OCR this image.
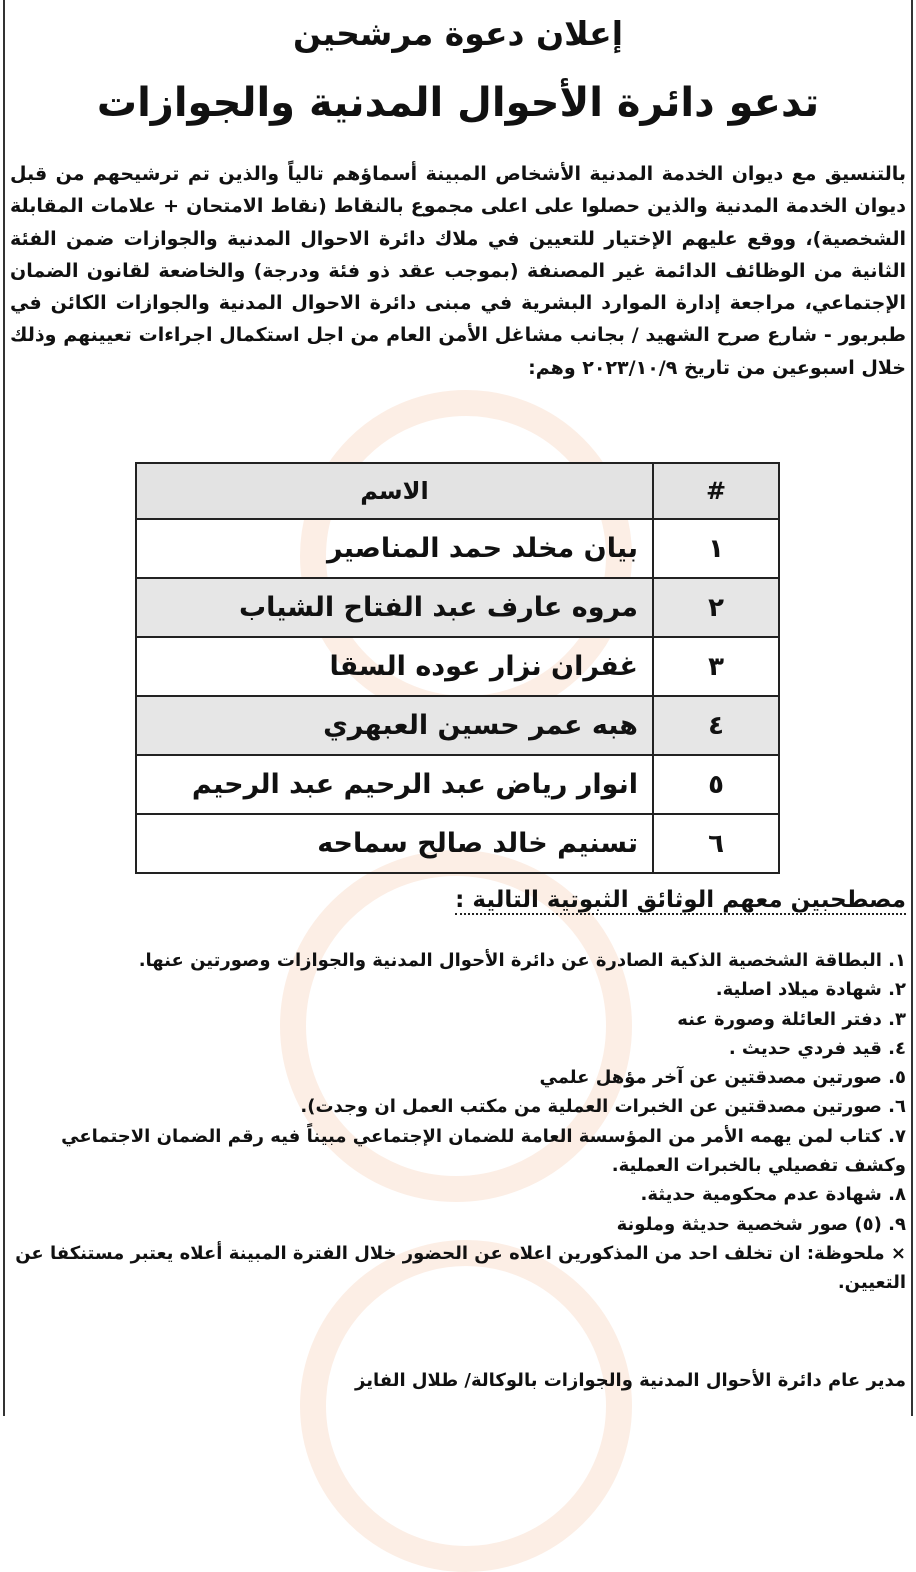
إعلان دعوة مرشحين
تدعو دائرة الأحوال المدنية والجوازات
بالتنسيق مع ديوان الخدمة المدنية الأشخاص المبينة أسماؤهم تالياً والذين تم ترشيحهم من قبل ديوان الخدمة المدنية والذين حصلوا على اعلى مجموع بالنقاط (نقاط الامتحان + علامات المقابلة الشخصية)، ووقع عليهم الإختيار للتعيين في ملاك دائرة الاحوال المدنية والجوازات ضمن الفئة الثانية من الوظائف الدائمة غير المصنفة (بموجب عقد ذو فئة ودرجة) والخاضعة لقانون الضمان الإجتماعي، مراجعة إدارة الموارد البشرية في مبنى دائرة الاحوال المدنية والجوازات الكائن في طبربور - شارع صرح الشهيد / بجانب مشاغل الأمن العام من اجل استكمال اجراءات تعيينهم وذلك خلال اسبوعين من تاريخ ٢٠٢٣/١٠/٩ وهم:
#	الاسم
١	بيان مخلد حمد المناصير
٢	مروه عارف عبد الفتاح الشياب
٣	غفران نزار عوده السقا
٤	هبه عمر حسين العبهري
٥	انوار رياض عبد الرحيم عبد الرحيم
٦	تسنيم خالد صالح سماحه
مصطحبين معهم الوثائق الثبوتية التالية :
١. البطاقة الشخصية الذكية الصادرة عن دائرة الأحوال المدنية والجوازات وصورتين عنها.
٢. شهادة ميلاد اصلية.
٣. دفتر العائلة وصورة عنه
٤. قيد فردي حديث .
٥. صورتين مصدقتين عن آخر مؤهل علمي
٦. صورتين مصدقتين عن الخبرات العملية من مكتب العمل ان وجدت).
٧. كتاب لمن يهمه الأمر من المؤسسة العامة للضمان الإجتماعي مبيناً فيه رقم الضمان الاجتماعي وكشف تفصيلي بالخبرات العملية.
٨. شهادة عدم محكومية حديثة.
٩. (٥) صور شخصية حديثة وملونة
× ملحوظة: ان تخلف احد من المذكورين اعلاه عن الحضور خلال الفترة المبينة أعلاه يعتبر مستنكفا عن التعيين.
مدير عام دائرة الأحوال المدنية والجوازات بالوكالة/ طلال الفايز
